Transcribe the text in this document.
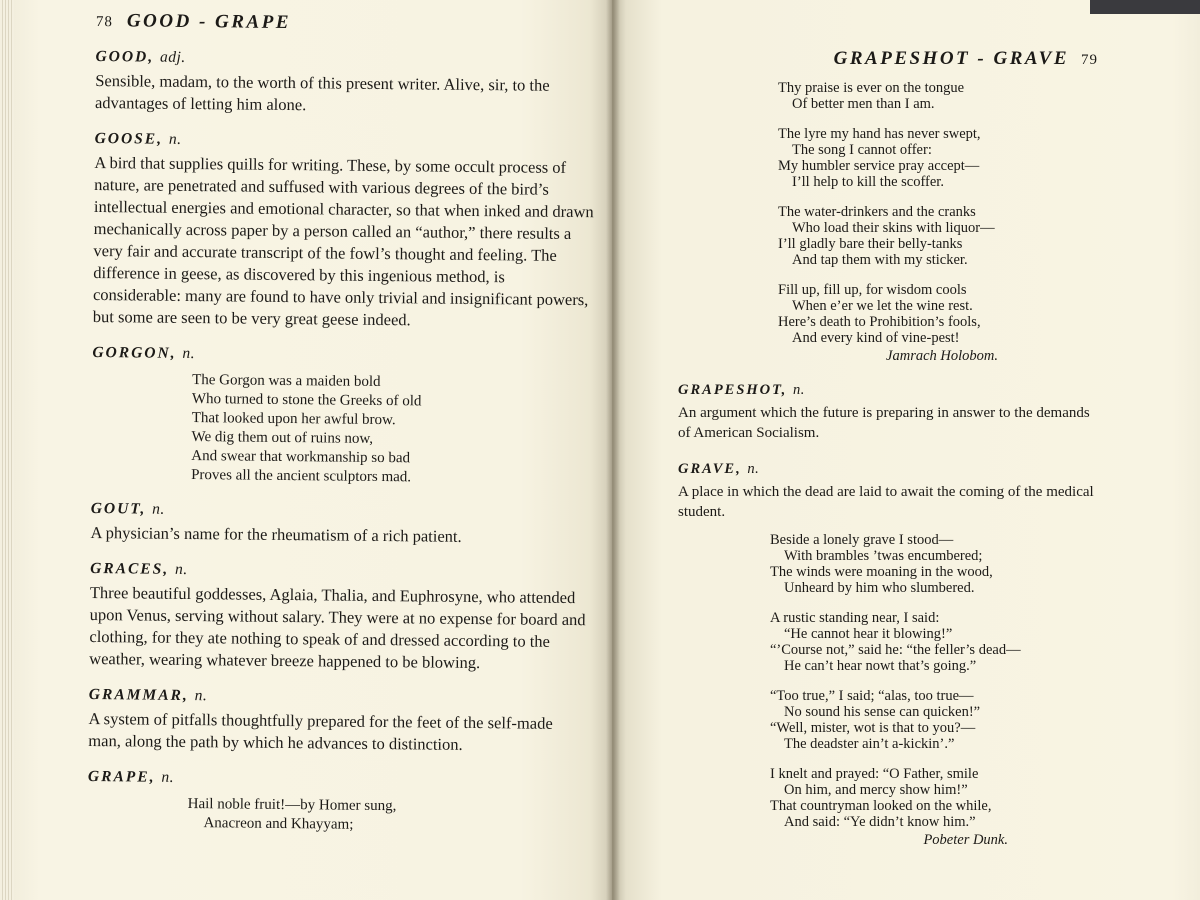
78 GOOD - GRAPE

GOOD, adj.

Sensible, madam, to the worth of this present writer. Alive, sir, to the advantages of letting him alone.

GOOSE, n.

A bird that supplies quills for writing. These, by some occult process of nature, are penetrated and suffused with various degrees of the bird’s intellectual energies and emotional character, so that when inked and drawn mechanically across paper by a person called an “author,” there results a very fair and accurate transcript of the fowl’s thought and feeling. The difference in geese, as discovered by this ingenious method, is considerable: many are found to have only trivial and insignificant powers, but some are seen to be very great geese indeed.

GORGON, n.

The Gorgon was a maiden bold
Who turned to stone the Greeks of old
That looked upon her awful brow.
We dig them out of ruins now,
And swear that workmanship so bad
Proves all the ancient sculptors mad.

GOUT, n.

A physician’s name for the rheumatism of a rich patient.

GRACES, n.

Three beautiful goddesses, Aglaia, Thalia, and Euphrosyne, who attended upon Venus, serving without salary. They were at no expense for board and clothing, for they ate nothing to speak of and dressed according to the weather, wearing whatever breeze happened to be blowing.

GRAMMAR, n.

A system of pitfalls thoughtfully prepared for the feet of the self-made man, along the path by which he advances to distinction.

GRAPE, n.

Hail noble fruit!—by Homer sung,
Anacreon and Khayyam;
GRAPESHOT - GRAVE 79
Thy praise is ever on the tongue
Of better men than I am.
The lyre my hand has never swept,
The song I cannot offer:
My humbler service pray accept—
I’ll help to kill the scoffer.
The water-drinkers and the cranks
Who load their skins with liquor—
I’ll gladly bare their belly-tanks
And tap them with my sticker.
Fill up, fill up, for wisdom cools
When e’er we let the wine rest.
Here’s death to Prohibition’s fools,
And every kind of vine-pest!
Jamrach Holobom.

GRAPESHOT, n.

An argument which the future is preparing in answer to the demands of American Socialism.

GRAVE, n.

A place in which the dead are laid to await the coming of the medical student.

Beside a lonely grave I stood—
With brambles ’twas encumbered;
The winds were moaning in the wood,
Unheard by him who slumbered.
A rustic standing near, I said:
“He cannot hear it blowing!”
“’Course not,” said he: “the feller’s dead—
He can’t hear nowt that’s going.”
“Too true,” I said; “alas, too true—
No sound his sense can quicken!”
“Well, mister, wot is that to you?—
The deadster ain’t a-kickin’.”
I knelt and prayed: “O Father, smile
On him, and mercy show him!”
That countryman looked on the while,
And said: “Ye didn’t know him.”
Pobeter Dunk.
